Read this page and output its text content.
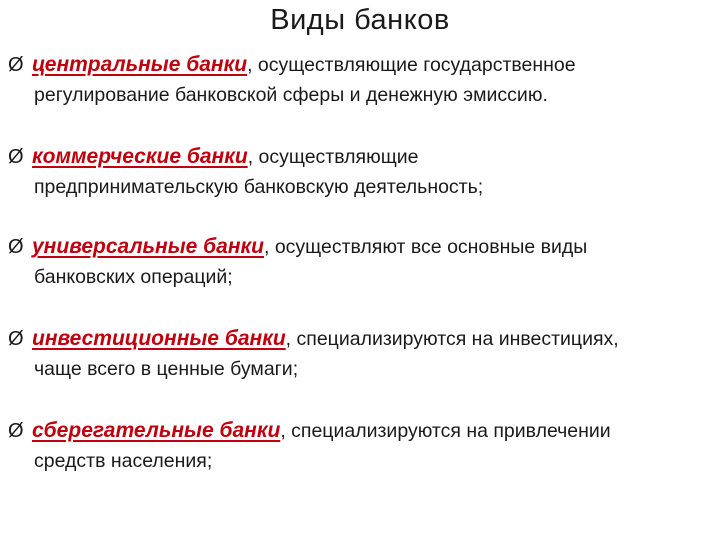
Виды банков
Ø центральные банки, осуществляющие государственное
регулирование банковской сферы и денежную эмиссию.
Ø коммерческие банки, осуществляющие
предпринимательскую банковскую деятельность;
Ø универсальные банки, осуществляют все основные виды
банковских операций;
Ø инвестиционные банки, специализируются на инвестициях,
чаще всего в ценные бумаги;
Ø сберегательные банки, специализируются на привлечении
средств населения;
